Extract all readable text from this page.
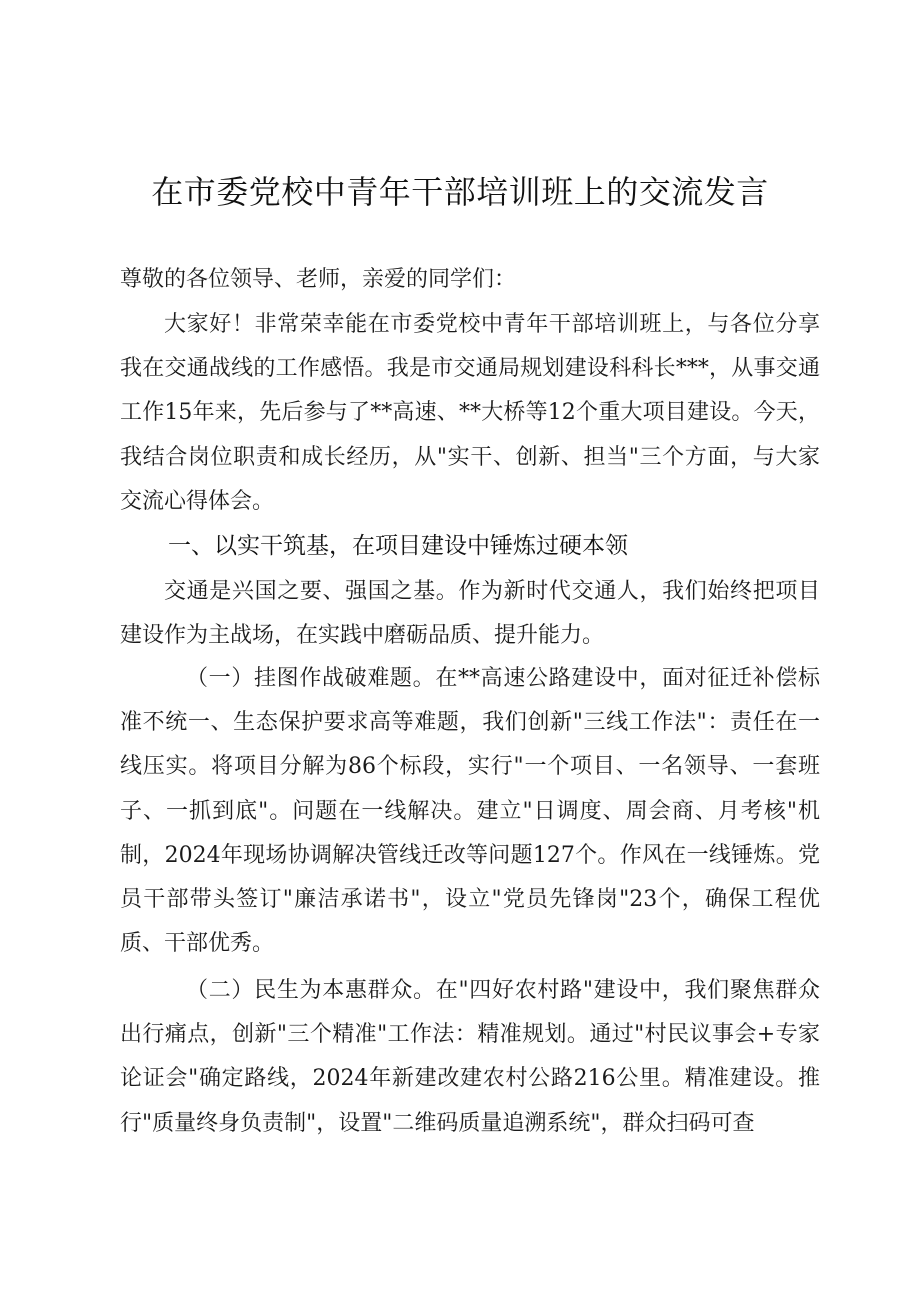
在市委党校中青年干部培训班上的交流发言

尊敬的各位领导、老师，亲爱的同学们：

大家好！非常荣幸能在市委党校中青年干部培训班上，与各位分享我在交通战线的工作感悟。我是市交通局规划建设科科长***，从事交通工作15年来，先后参与了**高速、**大桥等12个重大项目建设。今天，我结合岗位职责和成长经历，从"实干、创新、担当"三个方面，与大家交流心得体会。

一、以实干筑基，在项目建设中锤炼过硬本领

交通是兴国之要、强国之基。作为新时代交通人，我们始终把项目建设作为主战场，在实践中磨砺品质、提升能力。

（一）挂图作战破难题。在**高速公路建设中，面对征迁补偿标准不统一、生态保护要求高等难题，我们创新"三线工作法"：责任在一线压实。将项目分解为86个标段，实行"一个项目、一名领导、一套班子、一抓到底"。问题在一线解决。建立"日调度、周会商、月考核"机制，2024年现场协调解决管线迁改等问题127个。作风在一线锤炼。党员干部带头签订"廉洁承诺书"，设立"党员先锋岗"23个，确保工程优质、干部优秀。

（二）民生为本惠群众。在"四好农村路"建设中，我们聚焦群众出行痛点，创新"三个精准"工作法：精准规划。通过"村民议事会+专家论证会"确定路线，2024年新建改建农村公路216公里。精准建设。推行"质量终身负责制"，设置"二维码质量追溯系统"，群众扫码可查
